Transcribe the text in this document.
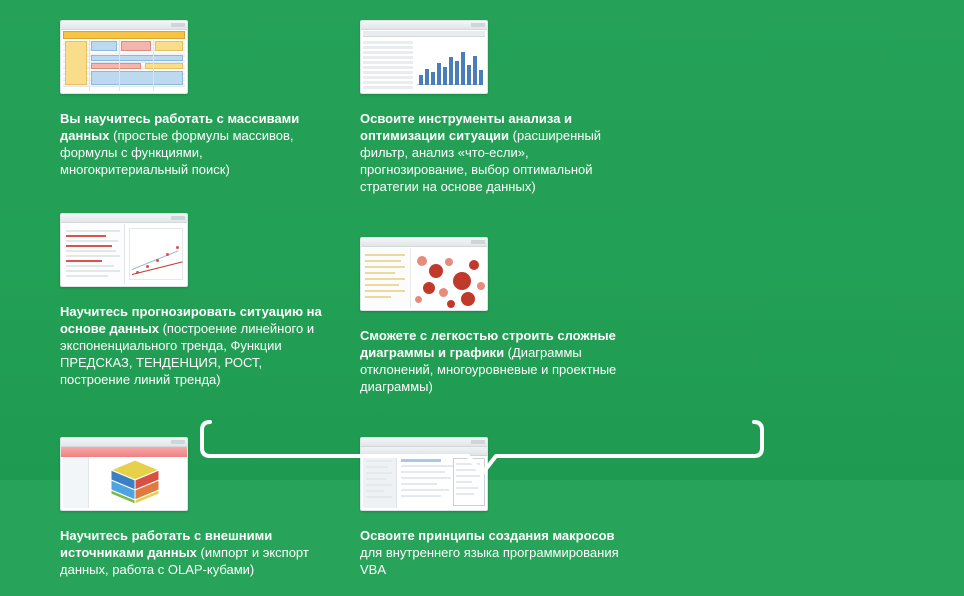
Вы научитесь работать с массивами данных (простые формулы массивов, формулы с функциями, многокритериальный поиск)
Освоите инструменты анализа и оптимизации ситуации (расширенный фильтр, анализ «что-если», прогнозирование, выбор оптимальной стратегии на основе данных)
Научитесь прогнозировать ситуацию на основе данных (построение линейного и экспоненциального тренда, Функции ПРЕДСКАЗ, ТЕНДЕНЦИЯ, РОСТ, построение линий тренда)
Сможете с легкостью строить сложные диаграммы и графики (Диаграммы отклонений, многоуровневые и проектные диаграммы)
Научитесь работать с внешними источниками данных (импорт и экспорт данных, работа с OLAP-кубами)
Освоите принципы создания макросов для внутреннего языка программирования VBA
